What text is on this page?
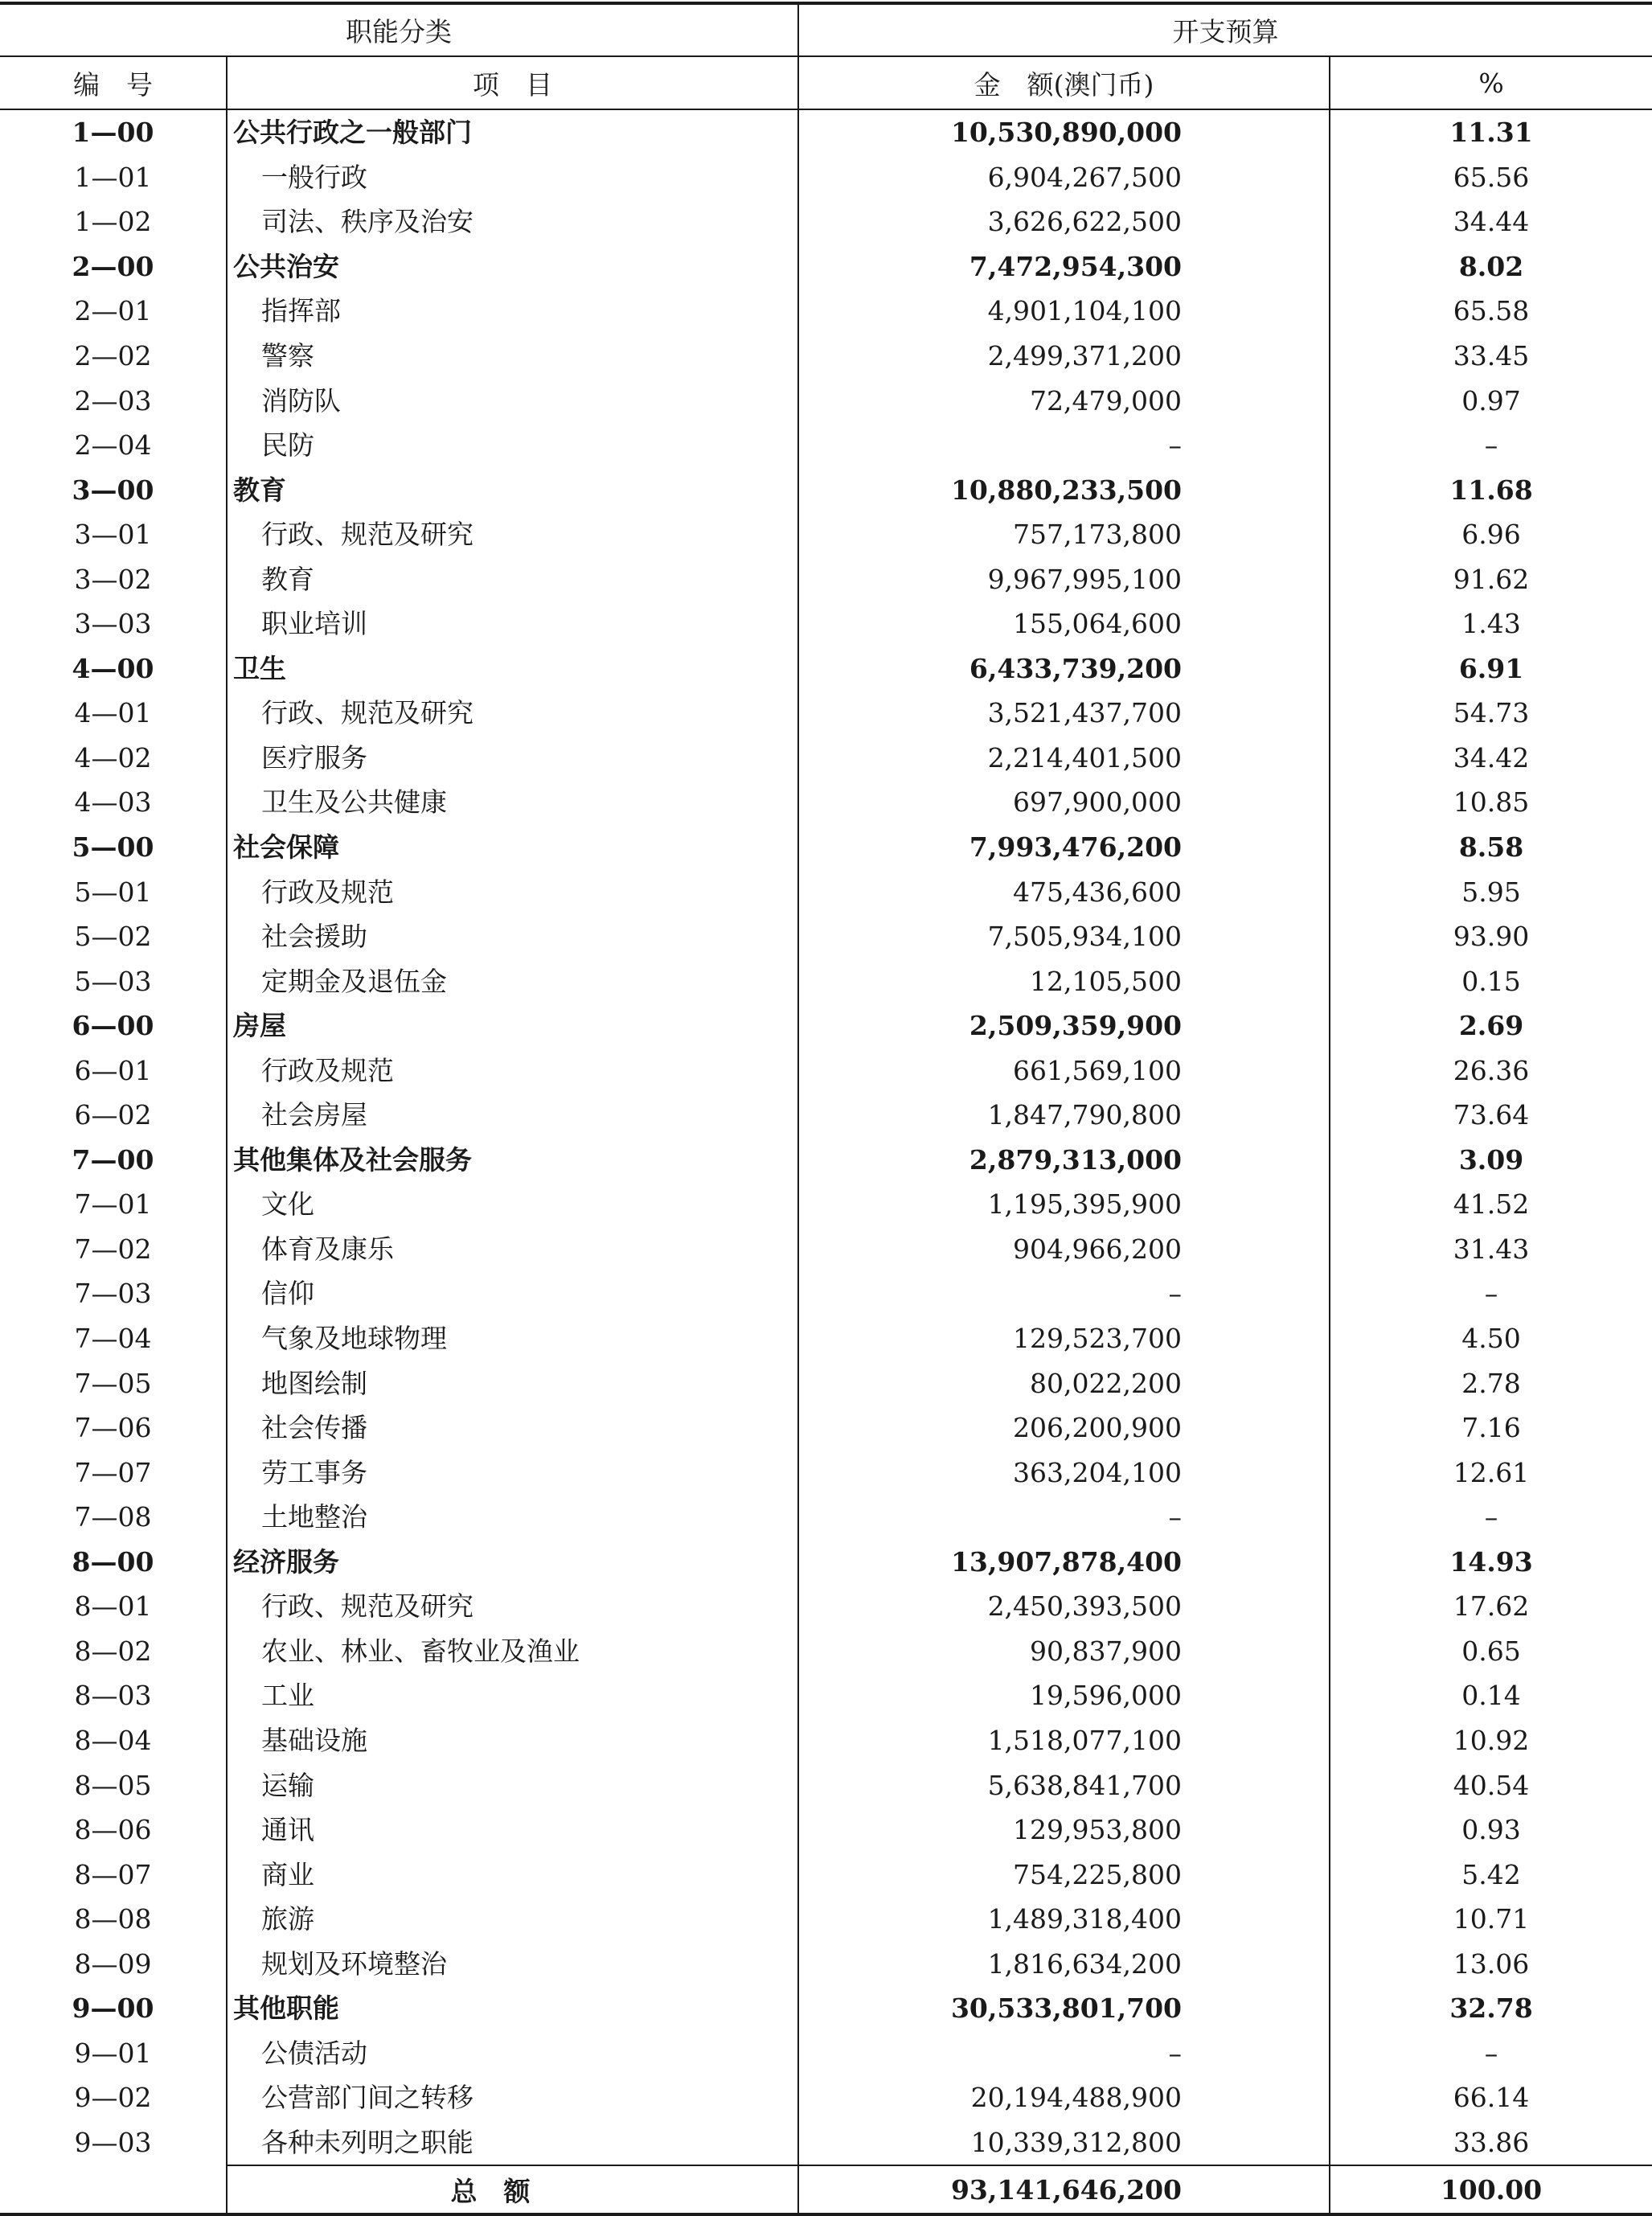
职能分类		开支预算	
编　号	项　目	金　额(澳门币)	%
1—00	公共行政之一般部门	10,530,890,000	11.31
1—01	一般行政	6,904,267,500	65.56
1—02	司法、秩序及治安	3,626,622,500	34.44
2—00	公共治安	7,472,954,300	8.02
2—01	指挥部	4,901,104,100	65.58
2—02	警察	2,499,371,200	33.45
2—03	消防队	72,479,000	0.97
2—04	民防	–	–
3—00	教育	10,880,233,500	11.68
3—01	行政、规范及研究	757,173,800	6.96
3—02	教育	9,967,995,100	91.62
3—03	职业培训	155,064,600	1.43
4—00	卫生	6,433,739,200	6.91
4—01	行政、规范及研究	3,521,437,700	54.73
4—02	医疗服务	2,214,401,500	34.42
4—03	卫生及公共健康	697,900,000	10.85
5—00	社会保障	7,993,476,200	8.58
5—01	行政及规范	475,436,600	5.95
5—02	社会援助	7,505,934,100	93.90
5—03	定期金及退伍金	12,105,500	0.15
6—00	房屋	2,509,359,900	2.69
6—01	行政及规范	661,569,100	26.36
6—02	社会房屋	1,847,790,800	73.64
7—00	其他集体及社会服务	2,879,313,000	3.09
7—01	文化	1,195,395,900	41.52
7—02	体育及康乐	904,966,200	31.43
7—03	信仰	–	–
7—04	气象及地球物理	129,523,700	4.50
7—05	地图绘制	80,022,200	2.78
7—06	社会传播	206,200,900	7.16
7—07	劳工事务	363,204,100	12.61
7—08	土地整治	–	–
8—00	经济服务	13,907,878,400	14.93
8—01	行政、规范及研究	2,450,393,500	17.62
8—02	农业、林业、畜牧业及渔业	90,837,900	0.65
8—03	工业	19,596,000	0.14
8—04	基础设施	1,518,077,100	10.92
8—05	运输	5,638,841,700	40.54
8—06	通讯	129,953,800	0.93
8—07	商业	754,225,800	5.42
8—08	旅游	1,489,318,400	10.71
8—09	规划及环境整治	1,816,634,200	13.06
9—00	其他职能	30,533,801,700	32.78
9—01	公债活动	–	–
9—02	公营部门间之转移	20,194,488,900	66.14
9—03	各种未列明之职能	10,339,312,800	33.86
	总　额	93,141,646,200	100.00
